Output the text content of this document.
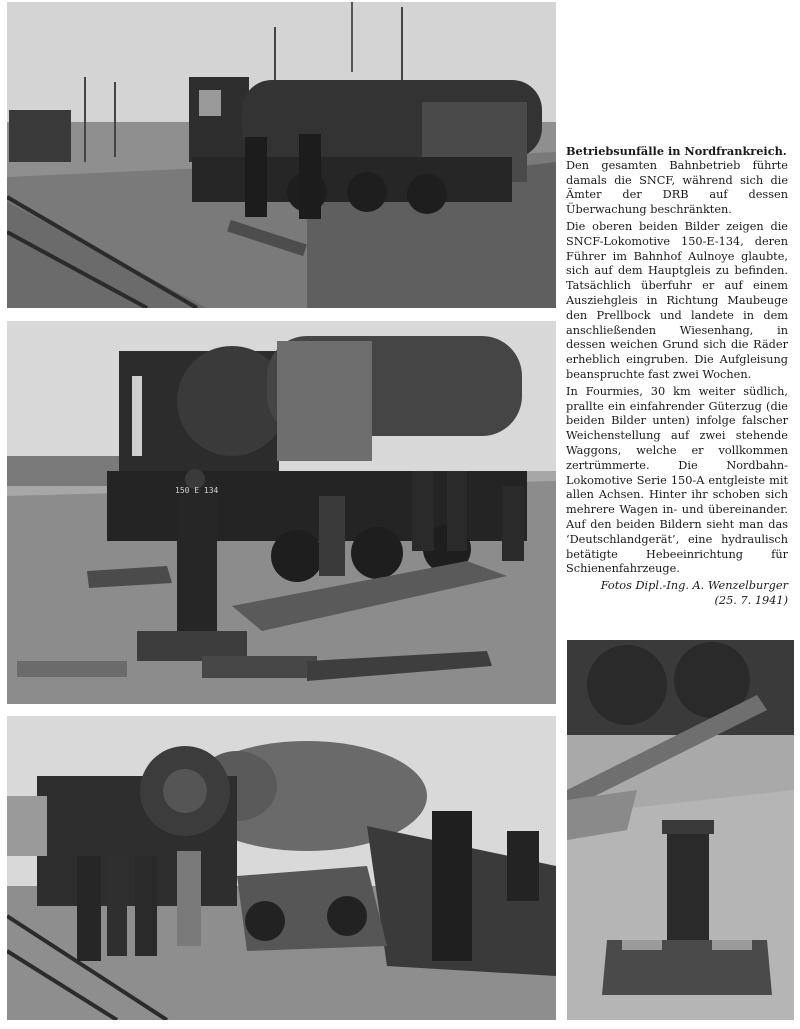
150 E 134

Betriebsunfälle in Nordfrankreich.

Den gesamten Bahnbetrieb führte damals die SNCF, während sich die Ämter der DRB auf dessen Überwachung beschränkten.

Die oberen beiden Bilder zeigen die SNCF-Lokomotive 150-E-134, deren Führer im Bahnhof Aulnoye glaubte, sich auf dem Hauptgleis zu befinden. Tatsächlich überfuhr er auf einem Ausziehgleis in Richtung Maubeuge den Prellbock und landete in dem anschließenden Wiesenhang, in dessen weichen Grund sich die Räder erheblich eingruben. Die Aufgleisung beanspruchte fast zwei Wochen.

In Fourmies, 30 km weiter südlich, prallte ein einfahrender Güterzug (die beiden Bilder unten) infolge falscher Weichenstellung auf zwei stehende Waggons, welche er vollkommen zertrümmerte. Die Nordbahn-Lokomotive Serie 150-A entgleiste mit allen Achsen. Hinter ihr schoben sich mehrere Wagen in- und übereinander. Auf den beiden Bildern sieht man das ‘Deutschlandgerät’, eine hydraulisch betätigte Hebeeinrichtung für Schienenfahrzeuge.

Fotos Dipl.-Ing. A. Wenzelburger

(25. 7. 1941)
